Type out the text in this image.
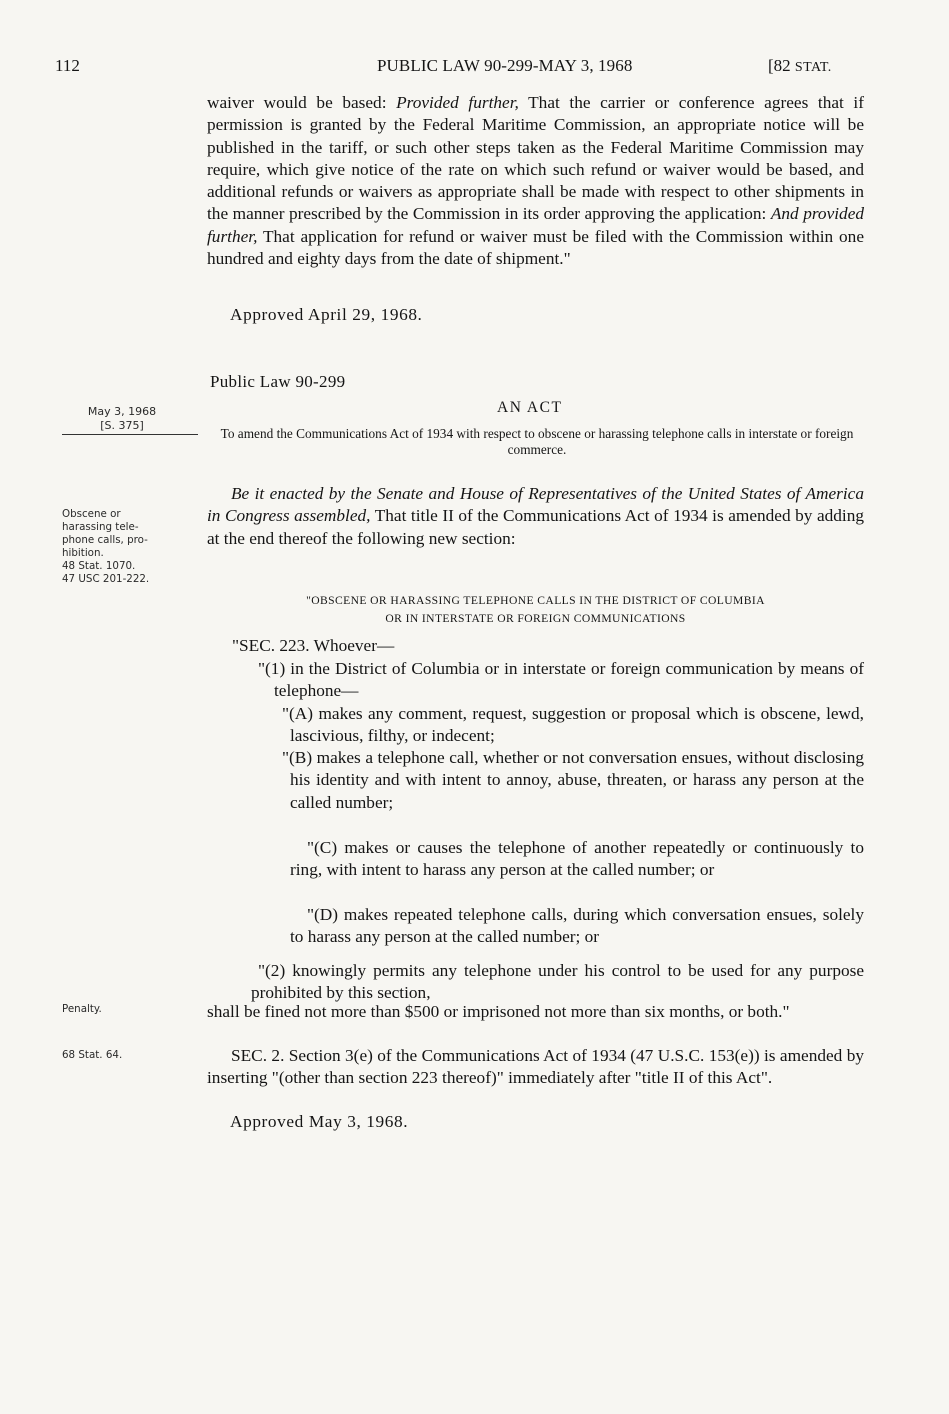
112	PUBLIC LAW 90-299-MAY 3, 1968	[82 STAT.
waiver would be based: Provided further, That the carrier or conference agrees that if permission is granted by the Federal Maritime Commission, an appropriate notice will be published in the tariff, or such other steps taken as the Federal Maritime Commission may require, which give notice of the rate on which such refund or waiver would be based, and additional refunds or waivers as appropriate shall be made with respect to other shipments in the manner prescribed by the Commission in its order approving the application: And provided further, That application for refund or waiver must be filed with the Commission within one hundred and eighty days from the date of shipment."
Approved April 29, 1968.
Public Law 90-299
AN ACT
May 3, 1968
[S. 375]
To amend the Communications Act of 1934 with respect to obscene or harassing telephone calls in interstate or foreign commerce.
Be it enacted by the Senate and House of Representatives of the United States of America in Congress assembled, That title II of the Communications Act of 1934 is amended by adding at the end thereof the following new section:
Obscene or
harassing tele-
phone calls, pro-
hibition.
48 Stat. 1070.
47 USC 201-222.
"OBSCENE OR HARASSING TELEPHONE CALLS IN THE DISTRICT OF COLUMBIA
OR IN INTERSTATE OR FOREIGN COMMUNICATIONS
"SEC. 223. Whoever—
"(1) in the District of Columbia or in interstate or foreign communication by means of telephone—
"(A) makes any comment, request, suggestion or proposal which is obscene, lewd, lascivious, filthy, or indecent;
"(B) makes a telephone call, whether or not conversation ensues, without disclosing his identity and with intent to annoy, abuse, threaten, or harass any person at the called number;
"(C) makes or causes the telephone of another repeatedly or continuously to ring, with intent to harass any person at the called number; or
"(D) makes repeated telephone calls, during which conversation ensues, solely to harass any person at the called number; or
"(2) knowingly permits any telephone under his control to be used for any purpose prohibited by this section,
Penalty.	shall be fined not more than $500 or imprisoned not more than six months, or both."
SEC. 2. Section 3(e) of the Communications Act of 1934 (47 U.S.C. 153(e)) is amended by inserting "(other than section 223 thereof)" immediately after "title II of this Act".
68 Stat. 64.
Approved May 3, 1968.
